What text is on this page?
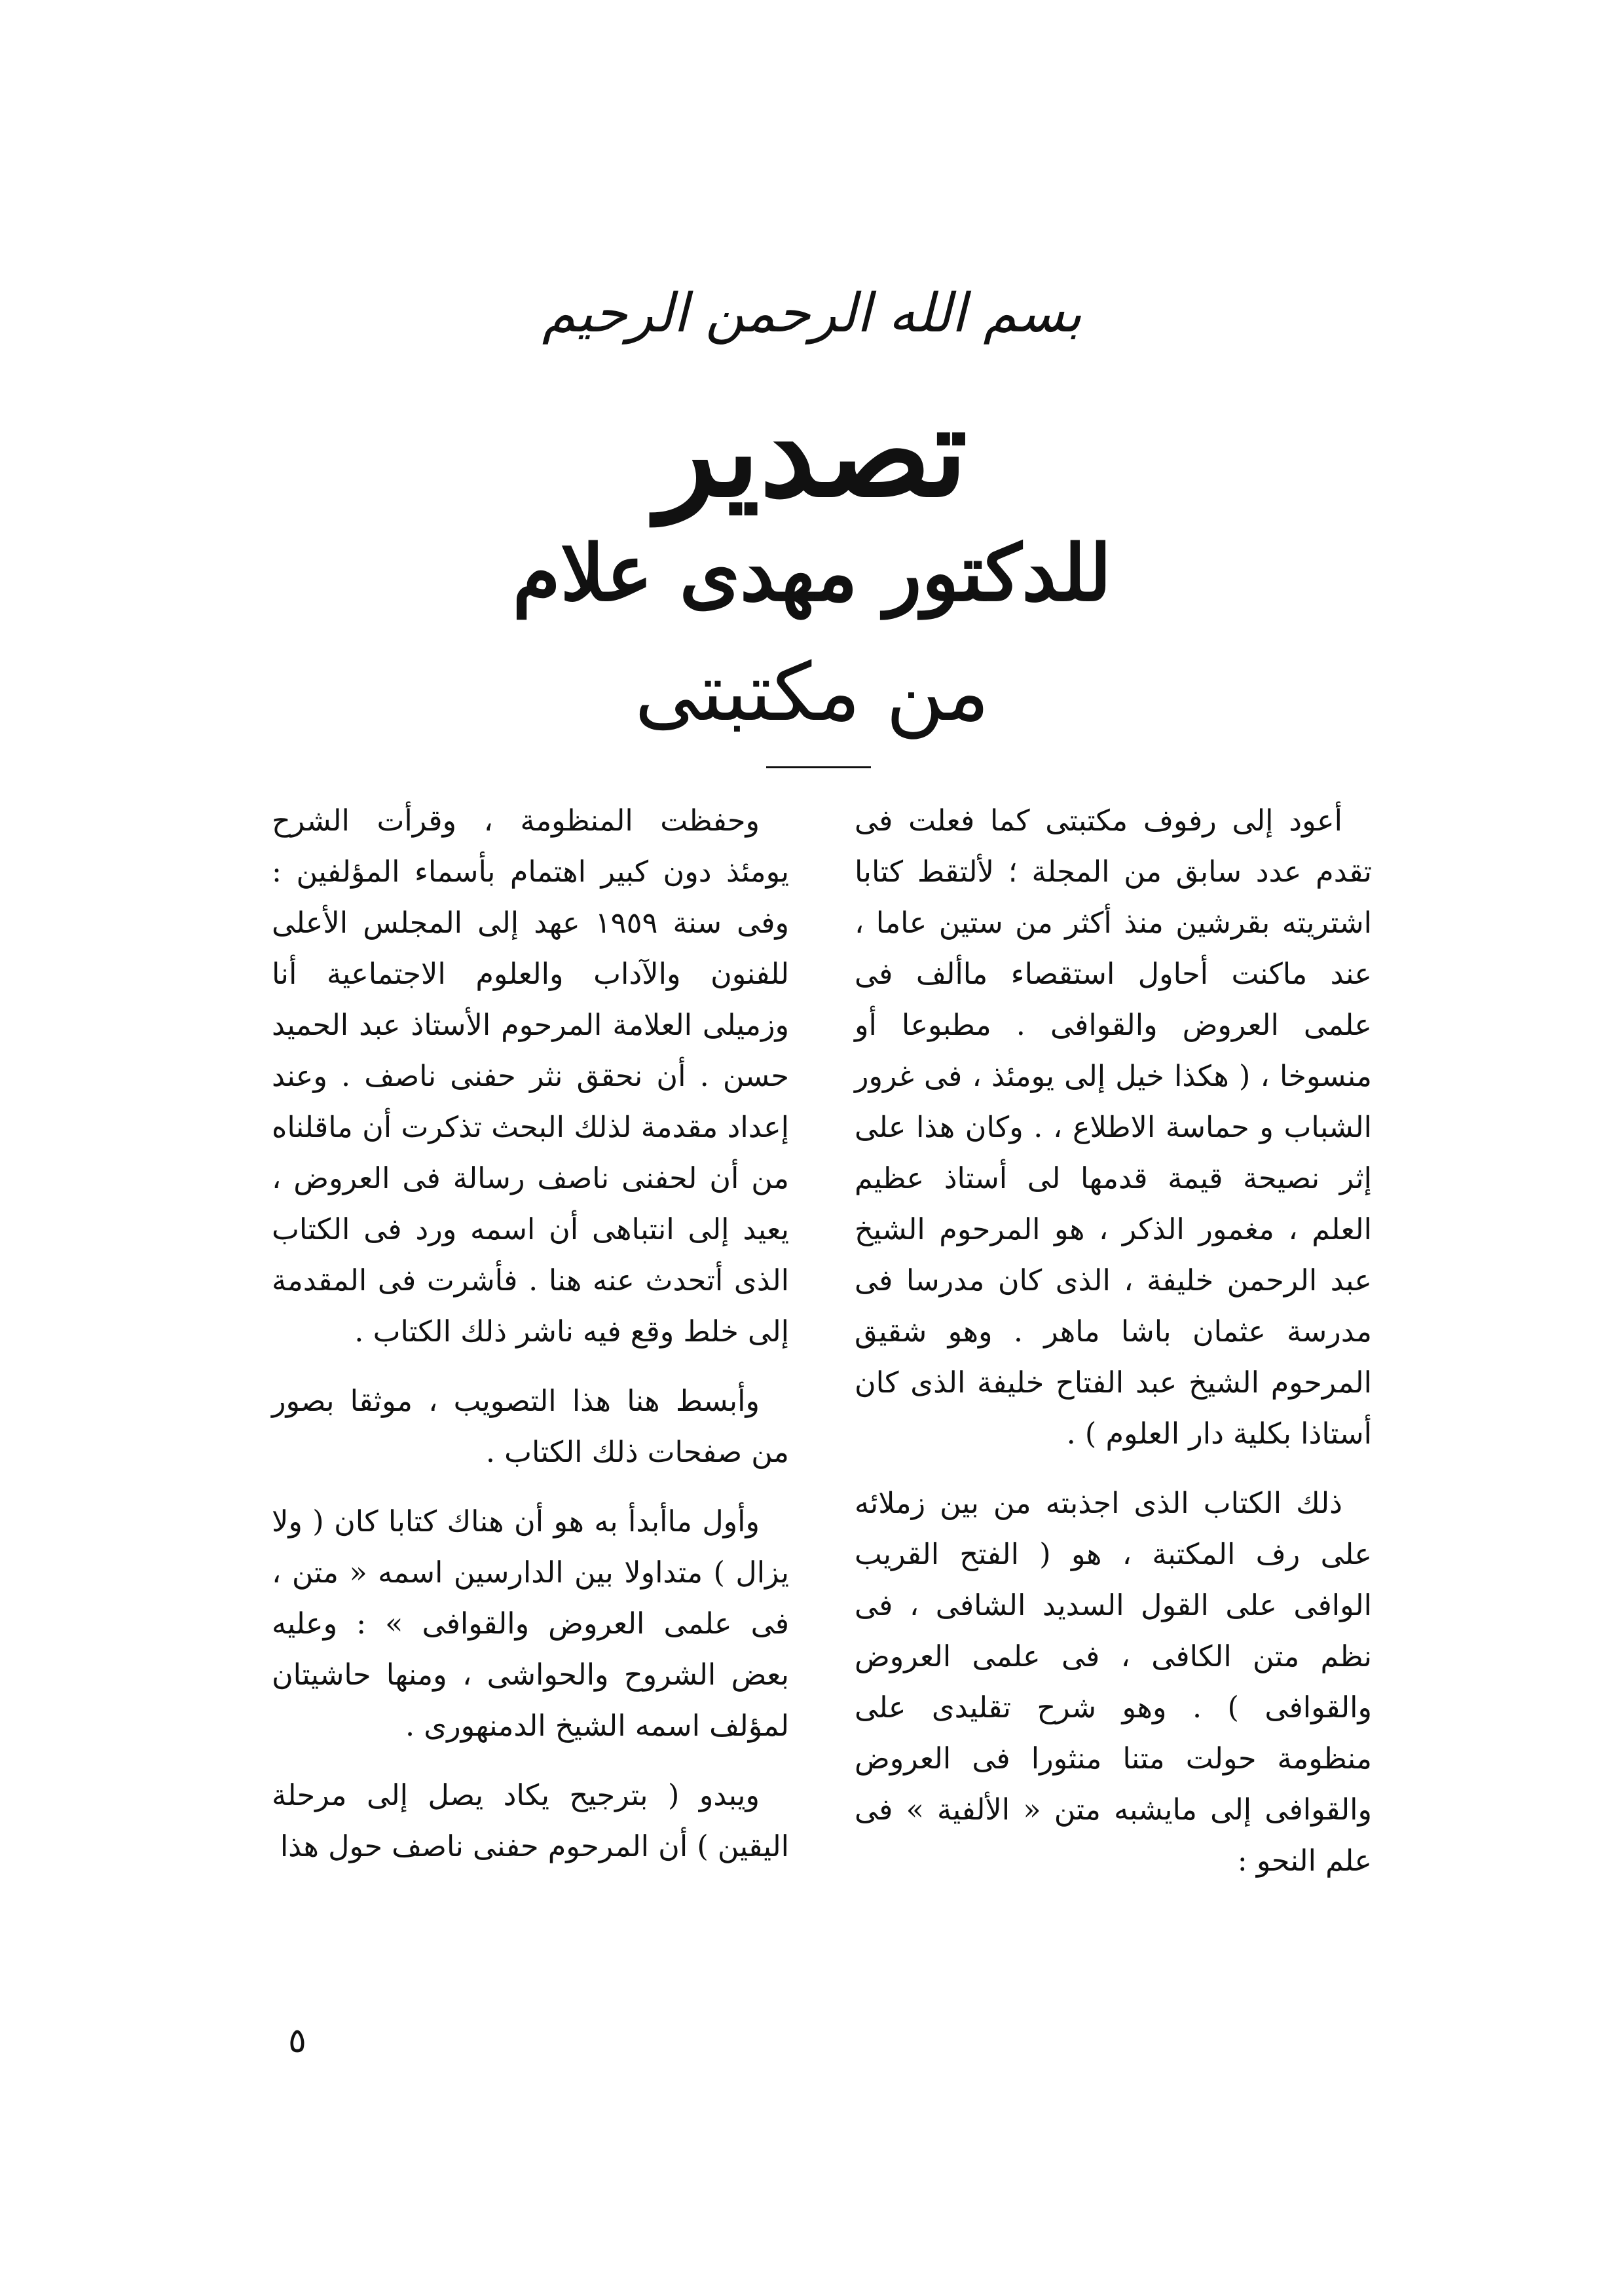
بسم الله الرحمن الرحيم
تصدير
للدكتور مهدى علام
من مكتبتى

أعود إلى رفوف مكتبتى كما فعلت فى تقدم عدد سابق من المجلة ؛ لألتقط كتابا اشتريته بقرشين منذ أكثر من ستين عاما ، عند ماكنت أحاول استقصاء ماألف فى علمى العروض والقوافى . مطبوعا أو منسوخا ، ( هكذا خيل إلى يومئذ ، فى غرور الشباب و حماسة الاطلاع ، . وكان هذا على إثر نصيحة قيمة قدمها لى أستاذ عظيم العلم ، مغمور الذكر ، هو المرحوم الشيخ عبد الرحمن خليفة ، الذى كان مدرسا فى مدرسة عثمان باشا ماهر . وهو شقيق المرحوم الشيخ عبد الفتاح خليفة الذى كان أستاذا بكلية دار العلوم ) .

ذلك الكتاب الذى اجذبته من بين زملائه على رف المكتبة ، هو ( الفتح القريب الوافى على القول السديد الشافى ، فى نظم متن الكافى ، فى علمى العروض والقوافى ) . وهو شرح تقليدى على منظومة حولت متنا منثورا فى العروض والقوافى إلى مايشبه متن « الألفية » فى علم النحو :

وحفظت المنظومة ، وقرأت الشرح يومئذ دون كبير اهتمام بأسماء المؤلفين : وفى سنة ١٩٥٩ عهد إلى المجلس الأعلى للفنون والآداب والعلوم الاجتماعية أنا وزميلى العلامة المرحوم الأستاذ عبد الحميد حسن . أن نحقق نثر حفنى ناصف . وعند إعداد مقدمة لذلك البحث تذكرت أن ماقلناه من أن لحفنى ناصف رسالة فى العروض ، يعيد إلى انتباهى أن اسمه ورد فى الكتاب الذى أتحدث عنه هنا . فأشرت فى المقدمة إلى خلط وقع فيه ناشر ذلك الكتاب .

وأبسط هنا هذا التصويب ، موثقا بصور من صفحات ذلك الكتاب .

وأول ماأبدأ به هو أن هناك كتابا كان ( ولا يزال ) متداولا بين الدارسين اسمه « متن ، فى علمى العروض والقوافى » : وعليه بعض الشروح والحواشى ، ومنها حاشيتان لمؤلف اسمه الشيخ الدمنهورى .

ويبدو ( بترجيح يكاد يصل إلى مرحلة اليقين ) أن المرحوم حفنى ناصف حول هذا

٥
